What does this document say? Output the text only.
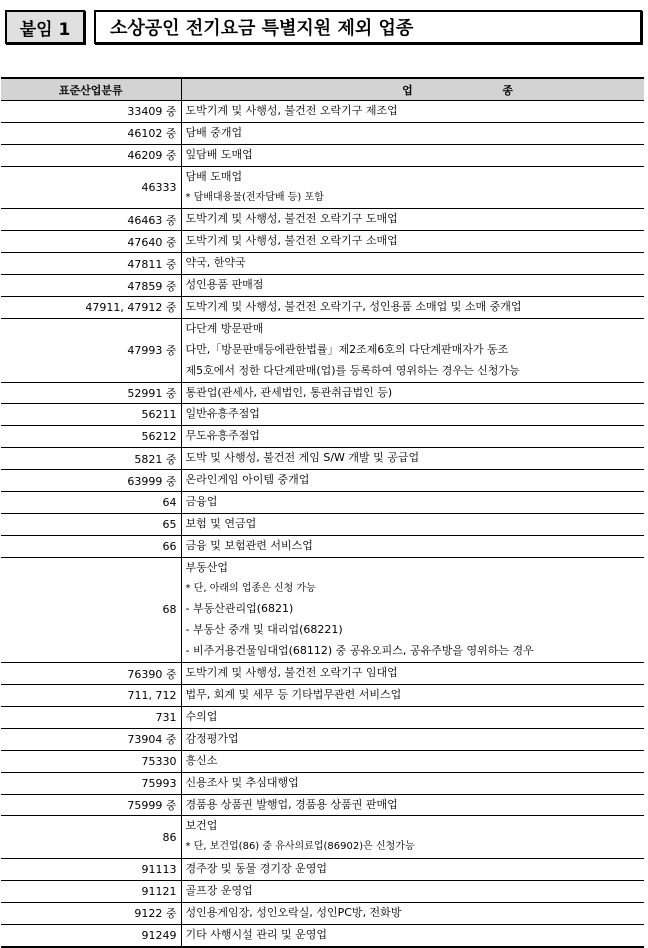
붙임 1	소상공인 전기요금 특별지원 제외 업종
표준산업분류	업 종
33409 중	도박기계 및 사행성, 불건전 오락기구 제조업

46102 중	담배 중개업

46209 중	잎담배 도매업

46333	담배 도매업
* 담배대용물(전자담배 등) 포함

46463 중	도박기계 및 사행성, 불건전 오락기구 도매업

47640 중	도박기계 및 사행성, 불건전 오락기구 소매업

47811 중	약국, 한약국

47859 중	성인용품 판매점

47911, 47912 중	도박기계 및 사행성, 불건전 오락기구, 성인용품 소매업 및 소매 중개업

47993 중	다단계 방문판매
다만,「방문판매등에관한법률」제2조제6호의 다단계판매자가 동조
제5호에서 정한 다단계판매(업)를 등록하여 영위하는 경우는 신청가능

52991 중	통관업(관세사, 관세법인, 통관취급법인 등)

56211	일반유흥주점업

56212	무도유흥주점업

5821 중	도박 및 사행성, 불건전 게임 S/W 개발 및 공급업

63999 중	온라인게임 아이템 중개업

64	금융업

65	보험 및 연금업

66	금융 및 보험관련 서비스업

68	부동산업
* 단, 아래의 업종은 신청 가능
- 부동산관리업(6821)
- 부동산 중개 및 대리업(68221)
- 비주거용건물임대업(68112) 중 공유오피스, 공유주방을 영위하는 경우

76390 중	도박기계 및 사행성, 불건전 오락기구 임대업

711, 712	법무, 회계 및 세무 등 기타법무관련 서비스업

731	수의업

73904 중	감정평가업

75330	흥신소

75993	신용조사 및 추심대행업

75999 중	경품용 상품권 발행업, 경품용 상품권 판매업

86	보건업
* 단, 보건업(86) 중 유사의료업(86902)은 신청가능

91113	경주장 및 동물 경기장 운영업

91121	골프장 운영업

9122 중	성인용게임장, 성인오락실, 성인PC방, 전화방

91249	기타 사행시설 관리 및 운영업
